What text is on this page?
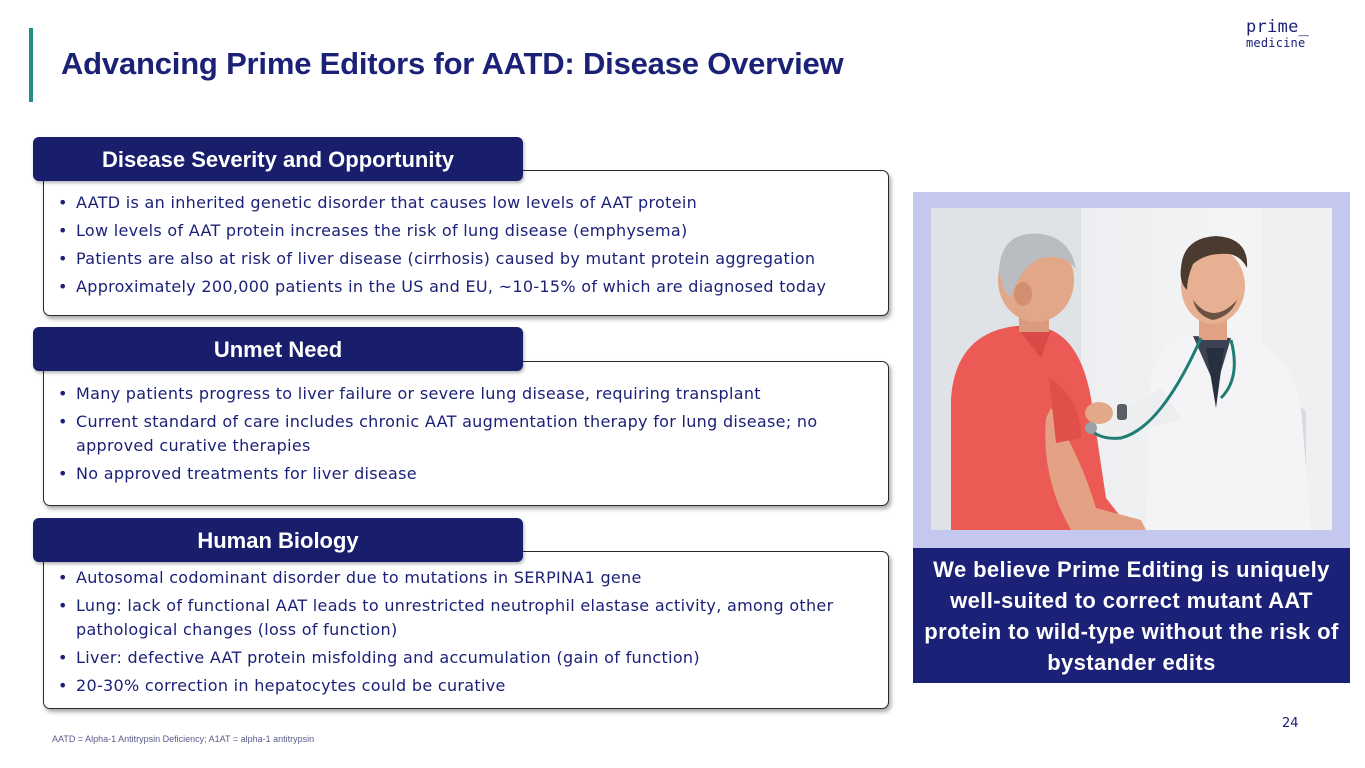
Advancing Prime Editors for AATD: Disease Overview
prime_
medicine
• AATD is an inherited genetic disorder that causes low levels of AAT protein
• Low levels of AAT protein increases the risk of lung disease (emphysema)
• Patients are also at risk of liver disease (cirrhosis) caused by mutant protein aggregation
• Approximately 200,000 patients in the US and EU, ~10-15% of which are diagnosed today
Disease Severity and Opportunity
• Many patients progress to liver failure or severe lung disease, requiring transplant
• Current standard of care includes chronic AAT augmentation therapy for lung disease; no approved curative therapies
• No approved treatments for liver disease
Unmet Need
• Autosomal codominant disorder due to mutations in SERPINA1 gene
• Lung: lack of functional AAT leads to unrestricted neutrophil elastase activity, among other pathological changes (loss of function)
• Liver: defective AAT protein misfolding and accumulation (gain of function)
• 20-30% correction in hepatocytes could be curative
Human Biology
We believe Prime Editing is uniquely well-suited to correct mutant AAT protein to wild-type without the risk of bystander edits
24
AATD = Alpha-1 Antitrypsin Deficiency; A1AT = alpha-1 antitrypsin
